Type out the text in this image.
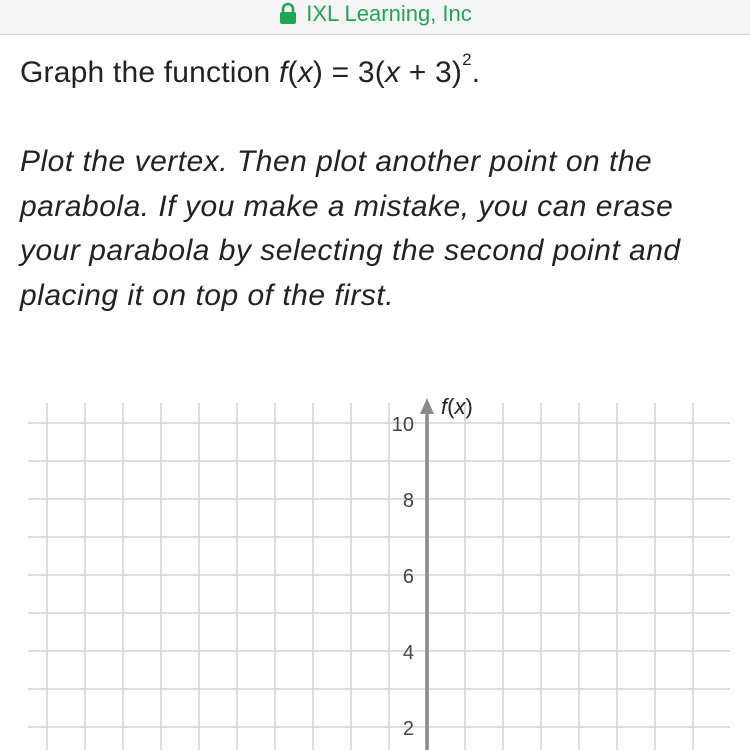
IXL Learning, Inc
Graph the function $f(x) = 3(x + 3)^2$.

Plot the vertex. Then plot another point on the parabola. If you make a mistake, you can erase your parabola by selecting the second point and placing it on top of the first.

f(x)
10
8
6
4
2
